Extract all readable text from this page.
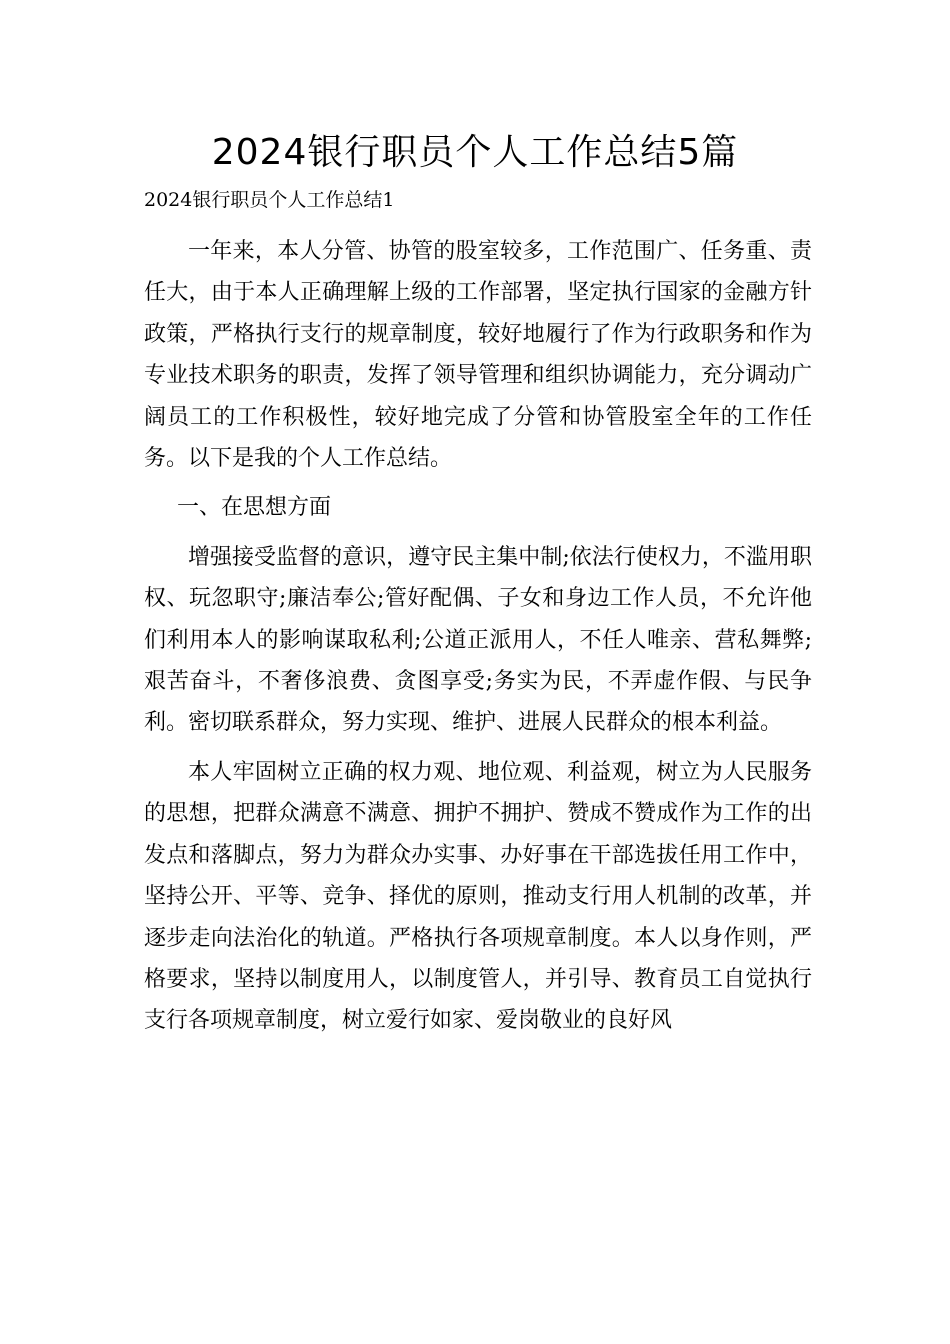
2024银行职员个人工作总结5篇
2024银行职员个人工作总结1

一年来，本人分管、协管的股室较多，工作范围广、任务重、责任大，由于本人正确理解上级的工作部署，坚定执行国家的金融方针政策，严格执行支行的规章制度，较好地履行了作为行政职务和作为专业技术职务的职责，发挥了领导管理和组织协调能力，充分调动广阔员工的工作积极性，较好地完成了分管和协管股室全年的工作任务。以下是我的个人工作总结。

一、在思想方面

增强接受监督的意识，遵守民主集中制;依法行使权力，不滥用职权、玩忽职守;廉洁奉公;管好配偶、子女和身边工作人员，不允许他们利用本人的影响谋取私利;公道正派用人，不任人唯亲、营私舞弊;艰苦奋斗，不奢侈浪费、贪图享受;务实为民，不弄虚作假、与民争利。密切联系群众，努力实现、维护、进展人民群众的根本利益。

本人牢固树立正确的权力观、地位观、利益观，树立为人民服务的思想，把群众满意不满意、拥护不拥护、赞成不赞成作为工作的出发点和落脚点，努力为群众办实事、办好事在干部选拔任用工作中，坚持公开、平等、竞争、择优的原则，推动支行用人机制的改革，并逐步走向法治化的轨道。严格执行各项规章制度。本人以身作则，严格要求，坚持以制度用人，以制度管人，并引导、教育员工自觉执行支行各项规章制度，树立爱行如家、爱岗敬业的良好风
